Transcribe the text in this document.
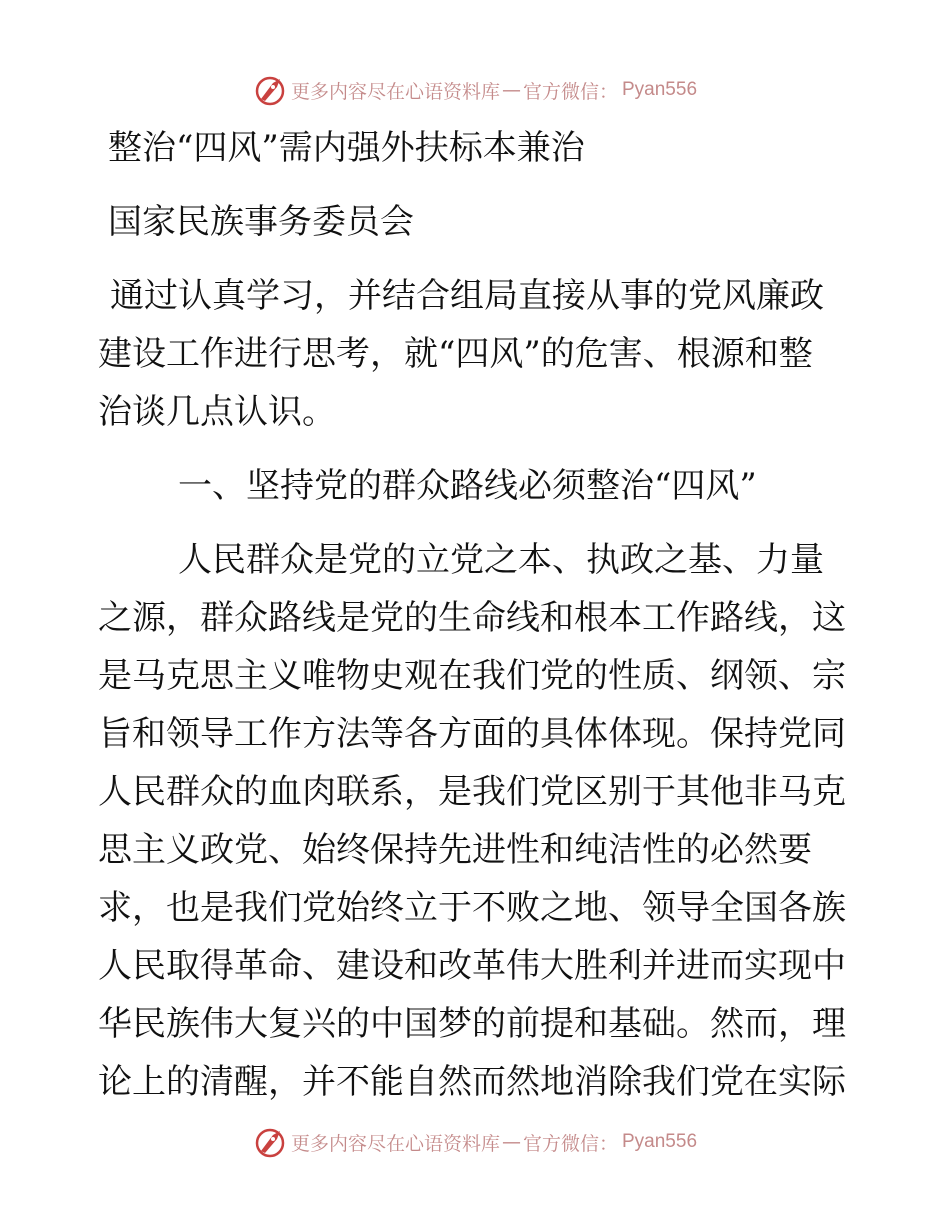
更多内容尽在心语资料库 — 官方微信： Pyan556
整治“四风”需内强外扶标本兼治
国家民族事务委员会
通过认真学习，并结合组局直接从事的党风廉政
建设工作进行思考，就“四风”的危害、根源和整
治谈几点认识。
一、坚持党的群众路线必须整治“四风”
人民群众是党的立党之本、执政之基、力量
之源，群众路线是党的生命线和根本工作路线，这
是马克思主义唯物史观在我们党的性质、纲领、宗
旨和领导工作方法等各方面的具体体现。保持党同
人民群众的血肉联系，是我们党区别于其他非马克
思主义政党、始终保持先进性和纯洁性的必然要
求，也是我们党始终立于不败之地、领导全国各族
人民取得革命、建设和改革伟大胜利并进而实现中
华民族伟大复兴的中国梦的前提和基础。然而，理
论上的清醒，并不能自然而然地消除我们党在实际
更多内容尽在心语资料库 — 官方微信： Pyan556
